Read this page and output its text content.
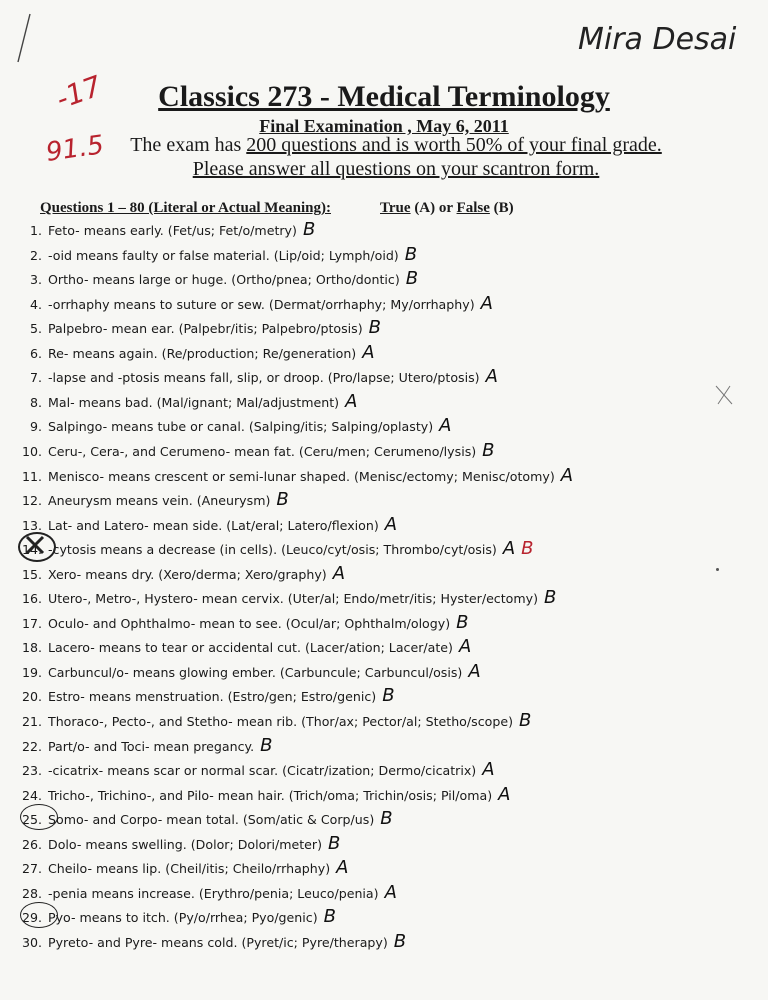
Mira Desai
-17
91.5
Classics 273 - Medical Terminology
Final Examination , May 6, 2011
The exam has 200 questions and is worth 50% of your final grade.
Please answer all questions on your scantron form.
Questions 1 – 80 (Literal or Actual Meaning):	True (A) or False (B)
1. Feto- means early. (Fet/us; Fet/o/metry) B
2. -oid means faulty or false material. (Lip/oid; Lymph/oid) B
3. Ortho- means large or huge. (Ortho/pnea; Ortho/dontic) B
4. -orrhaphy means to suture or sew. (Dermat/orrhaphy; My/orrhaphy) A
5. Palpebro- mean ear. (Palpebr/itis; Palpebro/ptosis) B
6. Re- means again. (Re/production; Re/generation) A
7. -lapse and -ptosis means fall, slip, or droop. (Pro/lapse; Utero/ptosis) A
8. Mal- means bad. (Mal/ignant; Mal/adjustment) A
9. Salpingo- means tube or canal. (Salping/itis; Salping/oplasty) A
10. Ceru-, Cera-, and Cerumeno- mean fat. (Ceru/men; Cerumeno/lysis) B
11. Menisco- means crescent or semi-lunar shaped. (Menisc/ectomy; Menisc/otomy) A
12. Aneurysm means vein. (Aneurysm) B
13. Lat- and Latero- mean side. (Lat/eral; Latero/flexion) A
14. -cytosis means a decrease (in cells). (Leuco/cyt/osis; Thrombo/cyt/osis) A B
15. Xero- means dry. (Xero/derma; Xero/graphy) A
16. Utero-, Metro-, Hystero- mean cervix. (Uter/al; Endo/metr/itis; Hyster/ectomy) B
17. Oculo- and Ophthalmo- mean to see. (Ocul/ar; Ophthalm/ology) B
18. Lacero- means to tear or accidental cut. (Lacer/ation; Lacer/ate) A
19. Carbuncul/o- means glowing ember. (Carbuncule; Carbuncul/osis) A
20. Estro- means menstruation. (Estro/gen; Estro/genic) B
21. Thoraco-, Pecto-, and Stetho- mean rib. (Thor/ax; Pector/al; Stetho/scope) B
22. Part/o- and Toci- mean pregancy. B
23. -cicatrix- means scar or normal scar. (Cicatr/ization; Dermo/cicatrix) A
24. Tricho-, Trichino-, and Pilo- mean hair. (Trich/oma; Trichin/osis; Pil/oma) A
25. Somo- and Corpo- mean total. (Som/atic & Corp/us) B
26. Dolo- means swelling. (Dolor; Dolori/meter) B
27. Cheilo- means lip. (Cheil/itis; Cheilo/rrhaphy) A
28. -penia means increase. (Erythro/penia; Leuco/penia) A
29. Pyo- means to itch. (Py/o/rrhea; Pyo/genic) B
30. Pyreto- and Pyre- means cold. (Pyret/ic; Pyre/therapy) B
